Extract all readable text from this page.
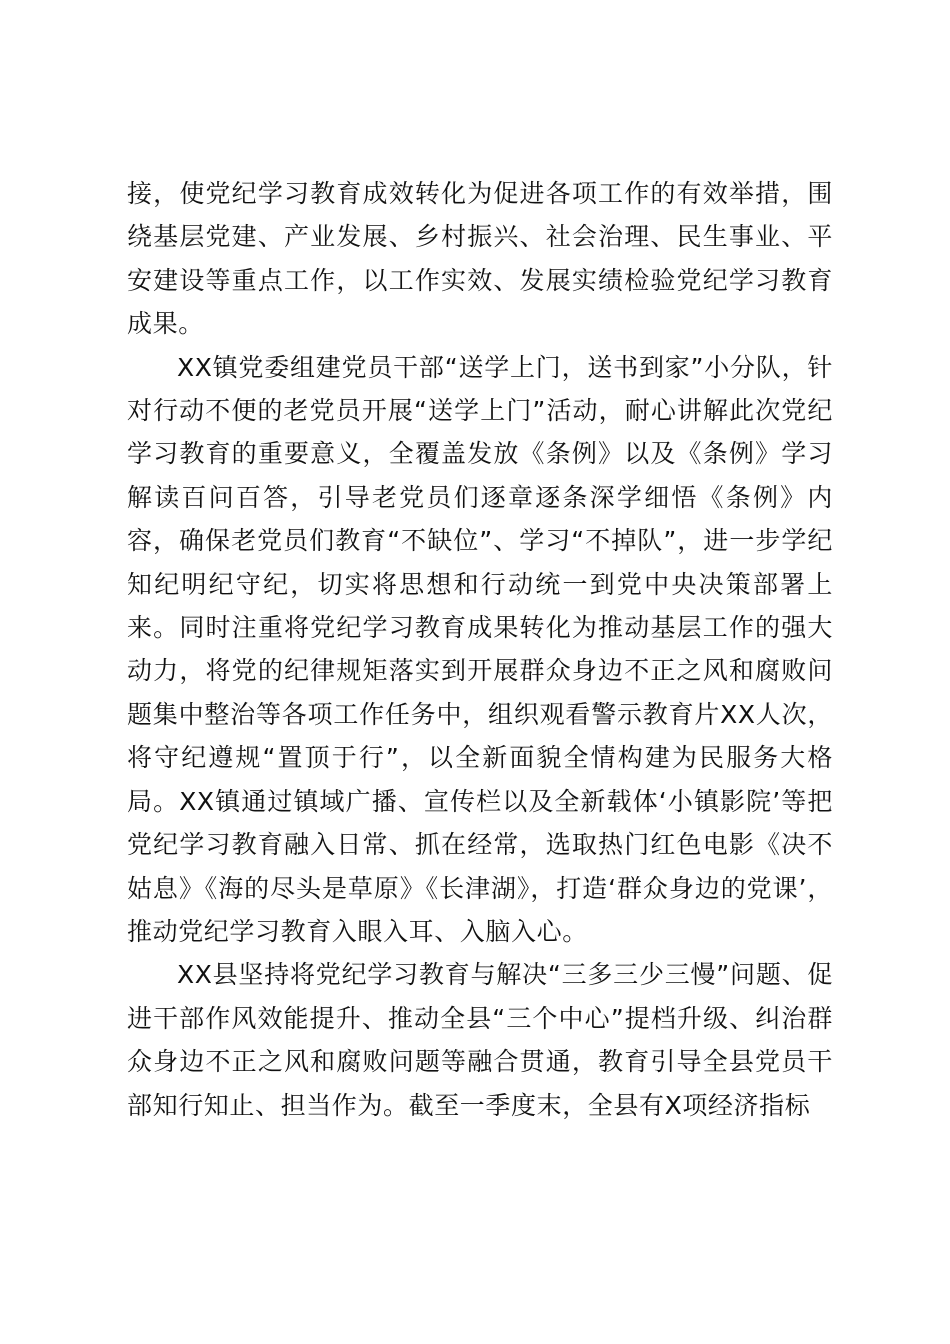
接，使党纪学习教育成效转化为促进各项工作的有效举措，围绕基层党建、产业发展、乡村振兴、社会治理、民生事业、平安建设等重点工作，以工作实效、发展实绩检验党纪学习教育成果。

XX镇党委组建党员干部“送学上门，送书到家”小分队，针对行动不便的老党员开展“送学上门”活动，耐心讲解此次党纪学习教育的重要意义，全覆盖发放《条例》以及《条例》学习解读百问百答，引导老党员们逐章逐条深学细悟《条例》内容，确保老党员们教育“不缺位”、学习“不掉队”，进一步学纪知纪明纪守纪，切实将思想和行动统一到党中央决策部署上来。同时注重将党纪学习教育成果转化为推动基层工作的强大动力，将党的纪律规矩落实到开展群众身边不正之风和腐败问题集中整治等各项工作任务中，组织观看警示教育片XX人次，将守纪遵规“置顶于行”，以全新面貌全情构建为民服务大格局。XX镇通过镇域广播、宣传栏以及全新载体‘小镇影院’等把党纪学习教育融入日常、抓在经常，选取热门红色电影《决不姑息》《海的尽头是草原》《长津湖》，打造‘群众身边的党课’，推动党纪学习教育入眼入耳、入脑入心。

XX县坚持将党纪学习教育与解决“三多三少三慢”问题、促进干部作风效能提升、推动全县“三个中心”提档升级、纠治群众身边不正之风和腐败问题等融合贯通，教育引导全县党员干部知行知止、担当作为。截至一季度末，全县有X项经济指标
